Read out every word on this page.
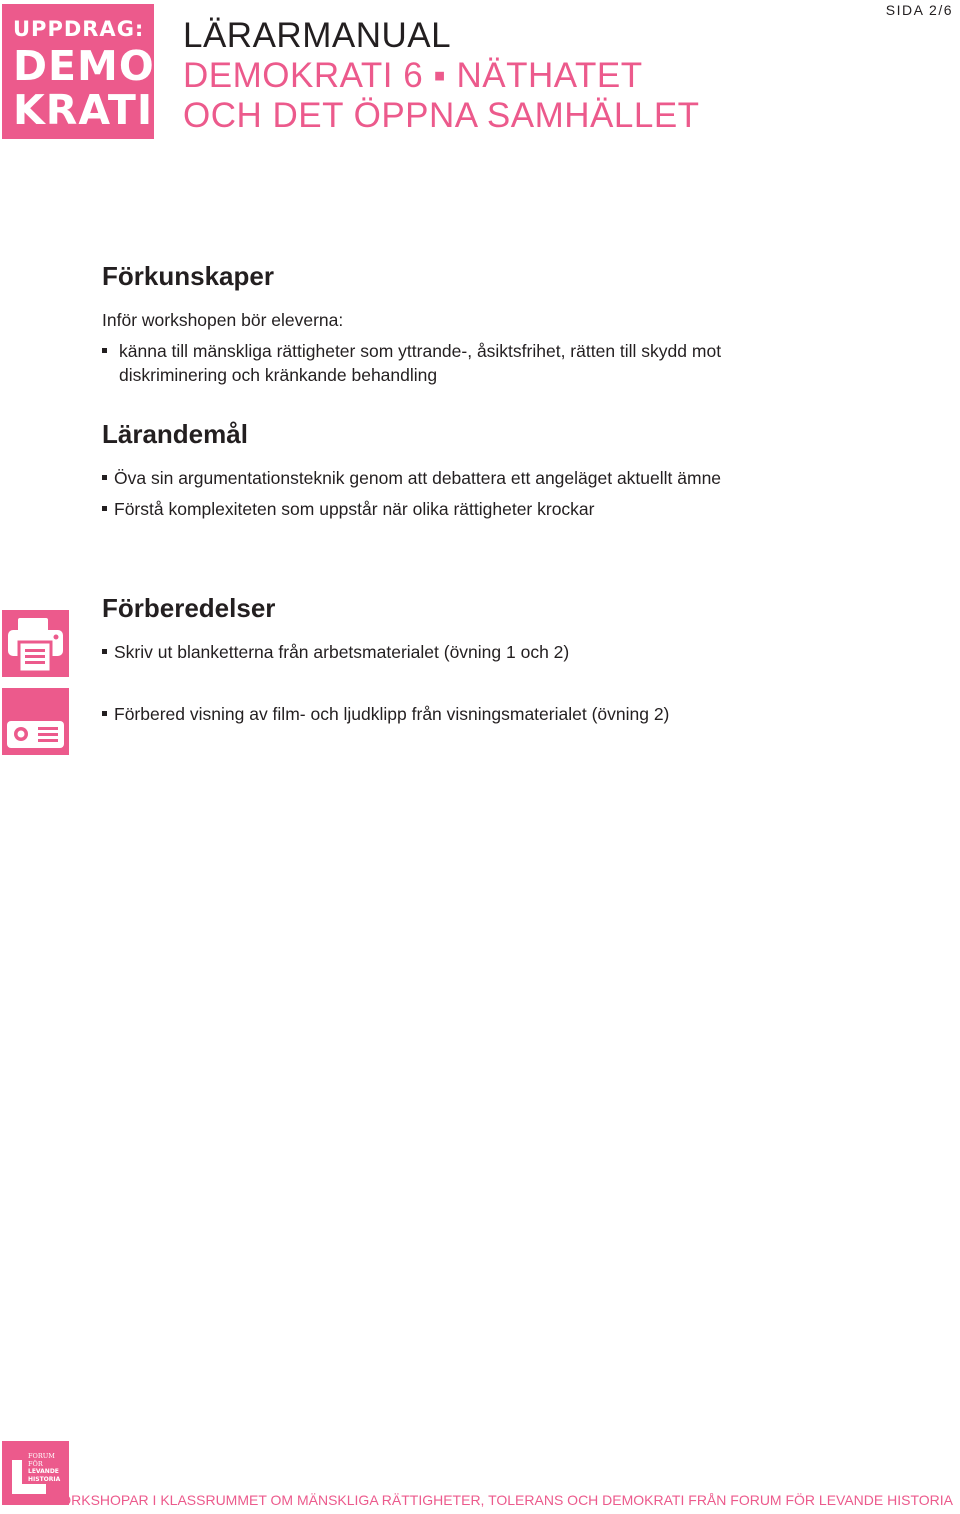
UPPDRAG:
DEMO
KRATI
LÄRARMANUAL
DEMOKRATI 6 ▪ NÄTHATET
OCH DET ÖPPNA SAMHÄLLET
SIDA 2/6
Förkunskaper
Inför workshopen bör eleverna:
känna till mänskliga rättigheter som yttrande-, åsiktsfrihet, rätten till skydd mot
diskriminering och kränkande behandling
Lärandemål
Öva sin argumentationsteknik genom att debattera ett angeläget aktuellt ämne
Förstå komplexiteten som uppstår när olika rättigheter krockar
Förberedelser
Skriv ut blanketterna från arbetsmaterialet (övning 1 och 2)
Förbered visning av film- och ljudklipp från visningsmaterialet (övning 2)
FORUM
FÖR
LEVANDE
HISTORIA
WORKSHOPAR I KLASSRUMMET OM MÄNSKLIGA RÄTTIGHETER, TOLERANS OCH DEMOKRATI FRÅN FORUM FÖR LEVANDE HISTORIA
